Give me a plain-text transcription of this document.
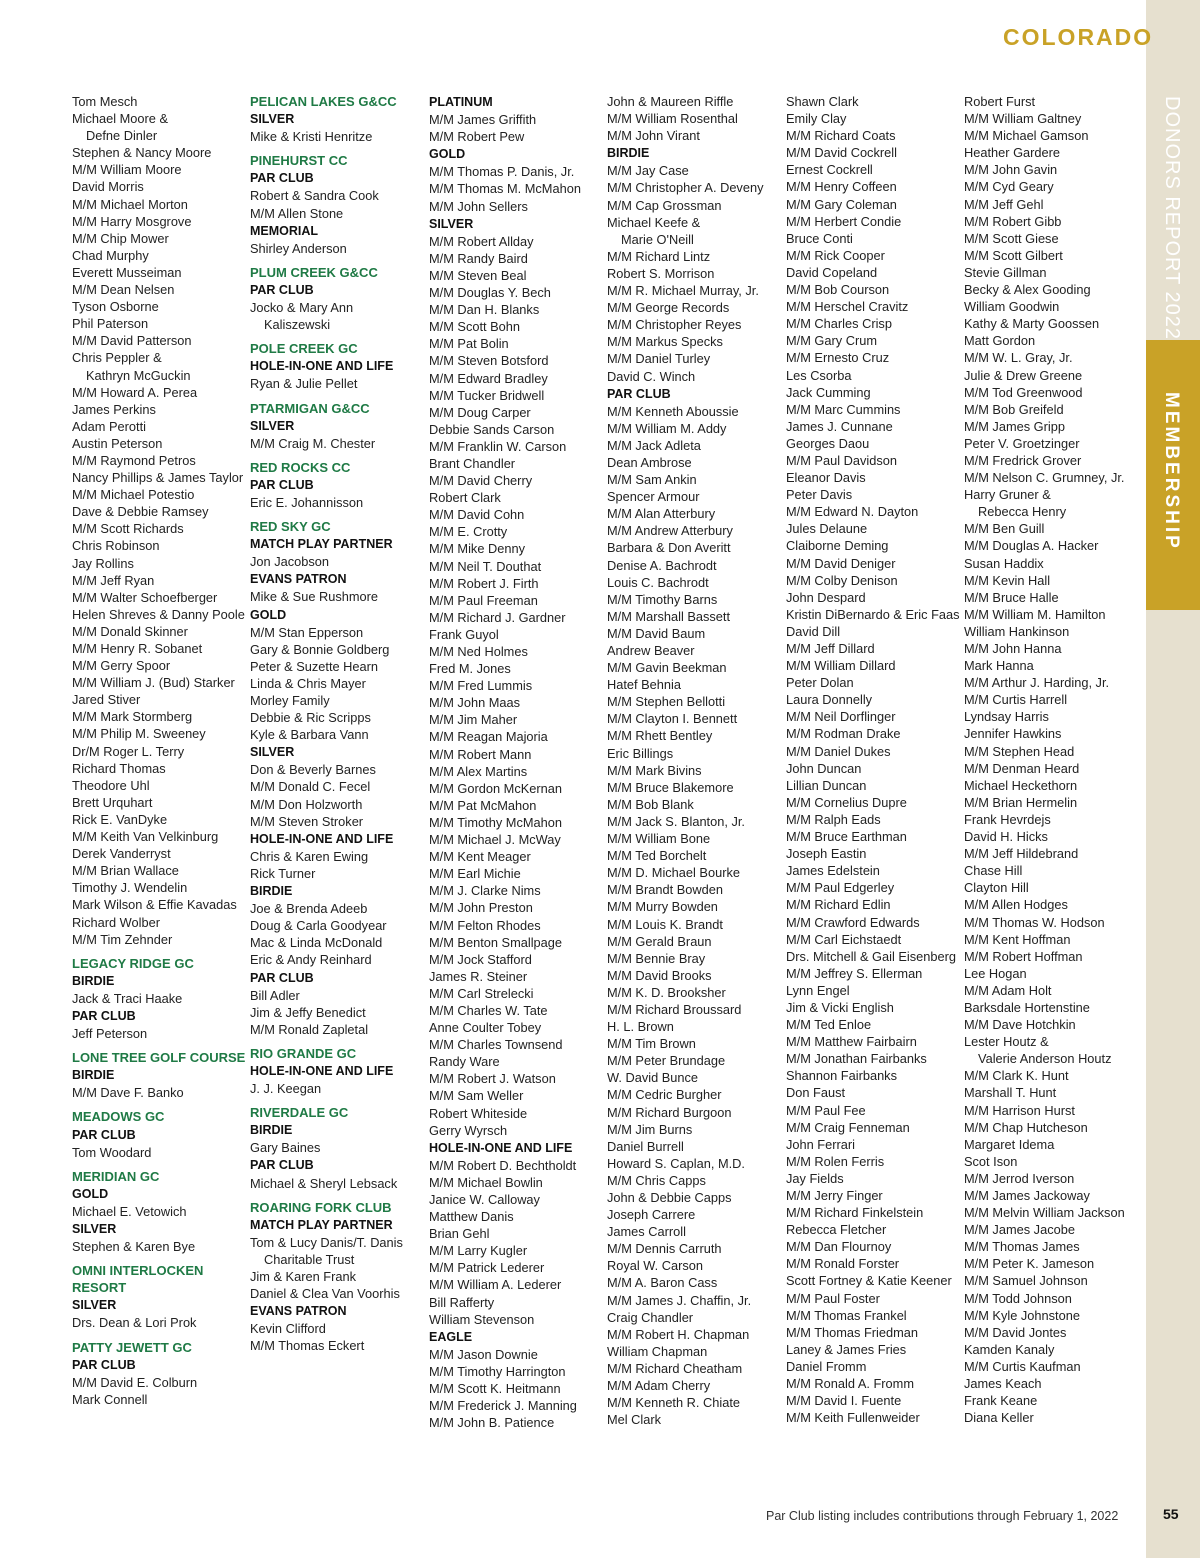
DONORS REPORT 2022
MEMBERSHIP
COLORADO
Tom Mesch
Michael Moore &
Defne Dinler
Stephen & Nancy Moore
M/M William Moore
David Morris
M/M Michael Morton
M/M Harry Mosgrove
M/M Chip Mower
Chad Murphy
Everett Musseiman
M/M Dean Nelsen
Tyson Osborne
Phil Paterson
M/M David Patterson
Chris Peppler &
Kathryn McGuckin
M/M Howard A. Perea
James Perkins
Adam Perotti
Austin Peterson
M/M Raymond Petros
Nancy Phillips & James Taylor
M/M Michael Potestio
Dave & Debbie Ramsey
M/M Scott Richards
Chris Robinson
Jay Rollins
M/M Jeff Ryan
M/M Walter Schoefberger
Helen Shreves & Danny Poole
M/M Donald Skinner
M/M Henry R. Sobanet
M/M Gerry Spoor
M/M William J. (Bud) Starker
Jared Stiver
M/M Mark Stormberg
M/M Philip M. Sweeney
Dr/M Roger L. Terry
Richard Thomas
Theodore Uhl
Brett Urquhart
Rick E. VanDyke
M/M Keith Van Velkinburg
Derek Vanderryst
M/M Brian Wallace
Timothy J. Wendelin
Mark Wilson & Effie Kavadas
Richard Wolber
M/M Tim Zehnder
LEGACY RIDGE GC
BIRDIE
Jack & Traci Haake
PAR CLUB
Jeff Peterson
LONE TREE GOLF COURSE
BIRDIE
M/M Dave F. Banko
MEADOWS GC
PAR CLUB
Tom Woodard
MERIDIAN GC
GOLD
Michael E. Vetowich
SILVER
Stephen & Karen Bye
OMNI INTERLOCKEN
RESORT
SILVER
Drs. Dean & Lori Prok
PATTY JEWETT GC
PAR CLUB
M/M David E. Colburn
Mark Connell
PELICAN LAKES G&CC
SILVER
Mike & Kristi Henritze
PINEHURST CC
PAR CLUB
Robert & Sandra Cook
M/M Allen Stone
MEMORIAL
Shirley Anderson
PLUM CREEK G&CC
PAR CLUB
Jocko & Mary Ann
Kaliszewski
POLE CREEK GC
HOLE-IN-ONE AND LIFE
Ryan & Julie Pellet
PTARMIGAN G&CC
SILVER
M/M Craig M. Chester
RED ROCKS CC
PAR CLUB
Eric E. Johannisson
RED SKY GC
MATCH PLAY PARTNER
Jon Jacobson
EVANS PATRON
Mike & Sue Rushmore
GOLD
M/M Stan Epperson
Gary & Bonnie Goldberg
Peter & Suzette Hearn
Linda & Chris Mayer
Morley Family
Debbie & Ric Scripps
Kyle & Barbara Vann
SILVER
Don & Beverly Barnes
M/M Donald C. Fecel
M/M Don Holzworth
M/M Steven Stroker
HOLE-IN-ONE AND LIFE
Chris & Karen Ewing
Rick Turner
BIRDIE
Joe & Brenda Adeeb
Doug & Carla Goodyear
Mac & Linda McDonald
Eric & Andy Reinhard
PAR CLUB
Bill Adler
Jim & Jeffy Benedict
M/M Ronald Zapletal
RIO GRANDE GC
HOLE-IN-ONE AND LIFE
J. J. Keegan
RIVERDALE GC
BIRDIE
Gary Baines
PAR CLUB
Michael & Sheryl Lebsack
ROARING FORK CLUB
MATCH PLAY PARTNER
Tom & Lucy Danis/T. Danis
Charitable Trust
Jim & Karen Frank
Daniel & Clea Van Voorhis
EVANS PATRON
Kevin Clifford
M/M Thomas Eckert
PLATINUM
M/M James Griffith
M/M Robert Pew
GOLD
M/M Thomas P. Danis, Jr.
M/M Thomas M. McMahon
M/M John Sellers
SILVER
M/M Robert Allday
M/M Randy Baird
M/M Steven Beal
M/M Douglas Y. Bech
M/M Dan H. Blanks
M/M Scott Bohn
M/M Pat Bolin
M/M Steven Botsford
M/M Edward Bradley
M/M Tucker Bridwell
M/M Doug Carper
Debbie Sands Carson
M/M Franklin W. Carson
Brant Chandler
M/M David Cherry
Robert Clark
M/M David Cohn
M/M E. Crotty
M/M Mike Denny
M/M Neil T. Douthat
M/M Robert J. Firth
M/M Paul Freeman
M/M Richard J. Gardner
Frank Guyol
M/M Ned Holmes
Fred M. Jones
M/M Fred Lummis
M/M John Maas
M/M Jim Maher
M/M Reagan Majoria
M/M Robert Mann
M/M Alex Martins
M/M Gordon McKernan
M/M Pat McMahon
M/M Timothy McMahon
M/M Michael J. McWay
M/M Kent Meager
M/M Earl Michie
M/M J. Clarke Nims
M/M John Preston
M/M Felton Rhodes
M/M Benton Smallpage
M/M Jock Stafford
James R. Steiner
M/M Carl Strelecki
M/M Charles W. Tate
Anne Coulter Tobey
M/M Charles Townsend
Randy Ware
M/M Robert J. Watson
M/M Sam Weller
Robert Whiteside
Gerry Wyrsch
HOLE-IN-ONE AND LIFE
M/M Robert D. Bechtholdt
M/M Michael Bowlin
Janice W. Calloway
Matthew Danis
Brian Gehl
M/M Larry Kugler
M/M Patrick Lederer
M/M William A. Lederer
Bill Rafferty
William Stevenson
EAGLE
M/M Jason Downie
M/M Timothy Harrington
M/M Scott K. Heitmann
M/M Frederick J. Manning
M/M John B. Patience
John & Maureen Riffle
M/M William Rosenthal
M/M John Virant
BIRDIE
M/M Jay Case
M/M Christopher A. Deveny
M/M Cap Grossman
Michael Keefe &
Marie O'Neill
M/M Richard Lintz
Robert S. Morrison
M/M R. Michael Murray, Jr.
M/M George Records
M/M Christopher Reyes
M/M Markus Specks
M/M Daniel Turley
David C. Winch
PAR CLUB
M/M Kenneth Aboussie
M/M William M. Addy
M/M Jack Adleta
Dean Ambrose
M/M Sam Ankin
Spencer Armour
M/M Alan Atterbury
M/M Andrew Atterbury
Barbara & Don Averitt
Denise A. Bachrodt
Louis C. Bachrodt
M/M Timothy Barns
M/M Marshall Bassett
M/M David Baum
Andrew Beaver
M/M Gavin Beekman
Hatef Behnia
M/M Stephen Bellotti
M/M Clayton I. Bennett
M/M Rhett Bentley
Eric Billings
M/M Mark Bivins
M/M Bruce Blakemore
M/M Bob Blank
M/M Jack S. Blanton, Jr.
M/M William Bone
M/M Ted Borchelt
M/M D. Michael Bourke
M/M Brandt Bowden
M/M Murry Bowden
M/M Louis K. Brandt
M/M Gerald Braun
M/M Bennie Bray
M/M David Brooks
M/M K. D. Brooksher
M/M Richard Broussard
H. L. Brown
M/M Tim Brown
M/M Peter Brundage
W. David Bunce
M/M Cedric Burgher
M/M Richard Burgoon
M/M Jim Burns
Daniel Burrell
Howard S. Caplan, M.D.
M/M Chris Capps
John & Debbie Capps
Joseph Carrere
James Carroll
M/M Dennis Carruth
Royal W. Carson
M/M A. Baron Cass
M/M James J. Chaffin, Jr.
Craig Chandler
M/M Robert H. Chapman
William Chapman
M/M Richard Cheatham
M/M Adam Cherry
M/M Kenneth R. Chiate
Mel Clark
Shawn Clark
Emily Clay
M/M Richard Coats
M/M David Cockrell
Ernest Cockrell
M/M Henry Coffeen
M/M Gary Coleman
M/M Herbert Condie
Bruce Conti
M/M Rick Cooper
David Copeland
M/M Bob Courson
M/M Herschel Cravitz
M/M Charles Crisp
M/M Gary Crum
M/M Ernesto Cruz
Les Csorba
Jack Cumming
M/M Marc Cummins
James J. Cunnane
Georges Daou
M/M Paul Davidson
Eleanor Davis
Peter Davis
M/M Edward N. Dayton
Jules Delaune
Claiborne Deming
M/M David Deniger
M/M Colby Denison
John Despard
Kristin DiBernardo & Eric Faas
David Dill
M/M Jeff Dillard
M/M William Dillard
Peter Dolan
Laura Donnelly
M/M Neil Dorflinger
M/M Rodman Drake
M/M Daniel Dukes
John Duncan
Lillian Duncan
M/M Cornelius Dupre
M/M Ralph Eads
M/M Bruce Earthman
Joseph Eastin
James Edelstein
M/M Paul Edgerley
M/M Richard Edlin
M/M Crawford Edwards
M/M Carl Eichstaedt
Drs. Mitchell & Gail Eisenberg
M/M Jeffrey S. Ellerman
Lynn Engel
Jim & Vicki English
M/M Ted Enloe
M/M Matthew Fairbairn
M/M Jonathan Fairbanks
Shannon Fairbanks
Don Faust
M/M Paul Fee
M/M Craig Fenneman
John Ferrari
M/M Rolen Ferris
Jay Fields
M/M Jerry Finger
M/M Richard Finkelstein
Rebecca Fletcher
M/M Dan Flournoy
M/M Ronald Forster
Scott Fortney & Katie Keener
M/M Paul Foster
M/M Thomas Frankel
M/M Thomas Friedman
Laney & James Fries
Daniel Fromm
M/M Ronald A. Fromm
M/M David I. Fuente
M/M Keith Fullenweider
Robert Furst
M/M William Galtney
M/M Michael Gamson
Heather Gardere
M/M John Gavin
M/M Cyd Geary
M/M Jeff Gehl
M/M Robert Gibb
M/M Scott Giese
M/M Scott Gilbert
Stevie Gillman
Becky & Alex Gooding
William Goodwin
Kathy & Marty Goossen
Matt Gordon
M/M W. L. Gray, Jr.
Julie & Drew Greene
M/M Tod Greenwood
M/M Bob Greifeld
M/M James Gripp
Peter V. Groetzinger
M/M Fredrick Grover
M/M Nelson C. Grumney, Jr.
Harry Gruner &
Rebecca Henry
M/M Ben Guill
M/M Douglas A. Hacker
Susan Haddix
M/M Kevin Hall
M/M Bruce Halle
M/M William M. Hamilton
William Hankinson
M/M John Hanna
Mark Hanna
M/M Arthur J. Harding, Jr.
M/M Curtis Harrell
Lyndsay Harris
Jennifer Hawkins
M/M Stephen Head
M/M Denman Heard
Michael Heckethorn
M/M Brian Hermelin
Frank Hevrdejs
David H. Hicks
M/M Jeff Hildebrand
Chase Hill
Clayton Hill
M/M Allen Hodges
M/M Thomas W. Hodson
M/M Kent Hoffman
M/M Robert Hoffman
Lee Hogan
M/M Adam Holt
Barksdale Hortenstine
M/M Dave Hotchkin
Lester Houtz &
Valerie Anderson Houtz
M/M Clark K. Hunt
Marshall T. Hunt
M/M Harrison Hurst
M/M Chap Hutcheson
Margaret Idema
Scot Ison
M/M Jerrod Iverson
M/M James Jackoway
M/M Melvin William Jackson
M/M James Jacobe
M/M Thomas James
M/M Peter K. Jameson
M/M Samuel Johnson
M/M Todd Johnson
M/M Kyle Johnstone
M/M David Jontes
Kamden Kanaly
M/M Curtis Kaufman
James Keach
Frank Keane
Diana Keller
Par Club listing includes contributions through February 1, 2022	55
